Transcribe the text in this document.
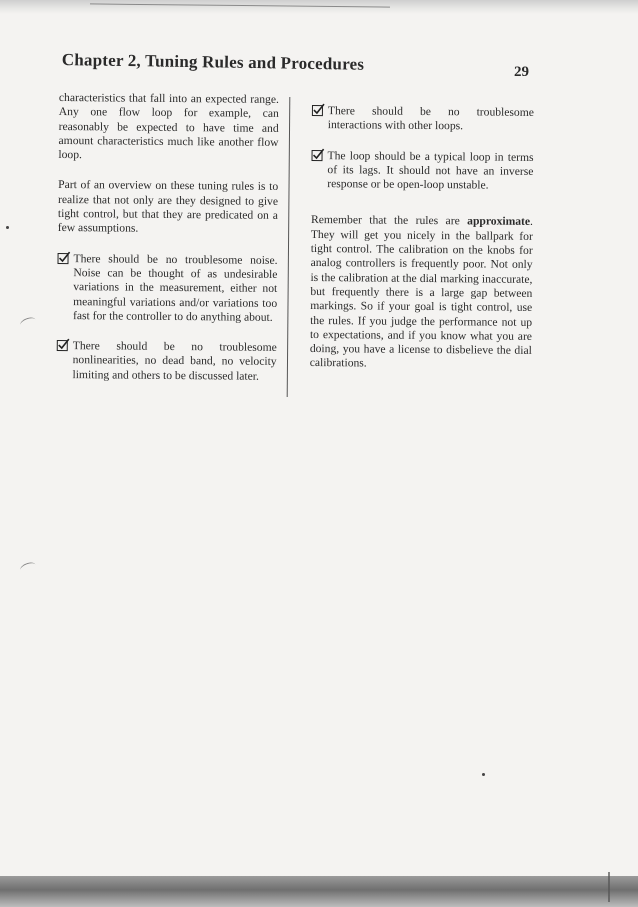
Chapter 2, Tuning Rules and Procedures	29

characteristics that fall into an expected range. Any one flow loop for example, can reasonably be expected to have time and amount characteristics much like another flow loop.

Part of an overview on these tuning rules is to realize that not only are they designed to give tight control, but that they are predicated on a few assumptions.

There should be no troublesome noise. Noise can be thought of as undesirable variations in the measurement, either not meaningful variations and/or variations too fast for the controller to do anything about.
There should be no troublesome nonlinearities, no dead band, no velocity limiting and others to be discussed later.
There should be no troublesome interactions with other loops.
The loop should be a typical loop in terms of its lags. It should not have an inverse response or be open-loop unstable.

Remember that the rules are approximate. They will get you nicely in the ballpark for tight control. The calibration on the knobs for analog controllers is frequently poor. Not only is the calibration at the dial marking inaccurate, but frequently there is a large gap between markings. So if your goal is tight control, use the rules. If you judge the performance not up to expectations, and if you know what you are doing, you have a license to disbelieve the dial calibrations.
